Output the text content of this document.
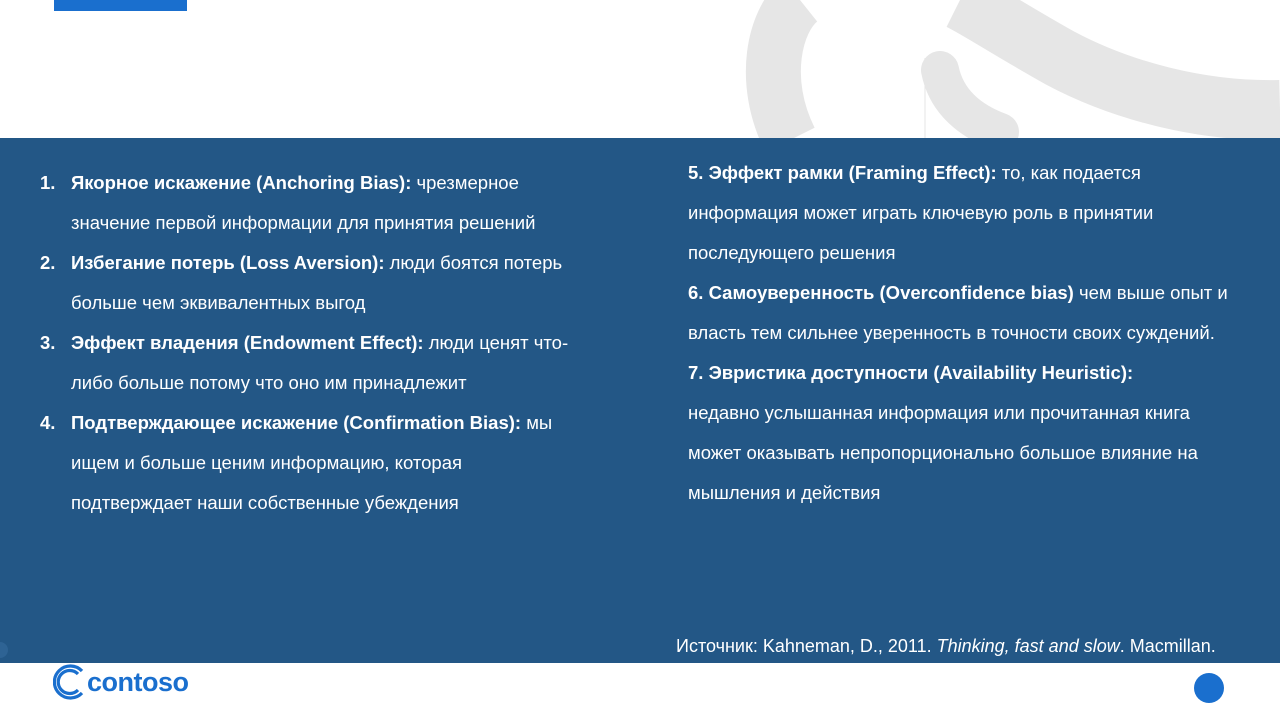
1. Якорное искажение (Anchoring Bias): чрезмерное значение первой информации для принятия решений
2. Избегание потерь (Loss Aversion): люди боятся потерь больше чем эквивалентных выгод
3. Эффект владения (Endowment Effect): люди ценят что-либо больше потому что оно им принадлежит
4. Подтверждающее искажение (Confirmation Bias): мы ищем и больше ценим информацию, которая подтверждает наши собственные убеждения
5. Эффект рамки (Framing Effect): то, как подается информация может играть ключевую роль в принятии последующего решения
6. Самоуверенность (Overconfidence bias) чем выше опыт и власть тем сильнее уверенность в точности своих суждений.
7. Эвристика доступности (Availability Heuristic):
недавно услышанная информация или прочитанная книга может оказывать непропорционально большое влияние на мышления и действия
Источник: Kahneman, D., 2011. Thinking, fast and slow. Macmillan.
contoso
